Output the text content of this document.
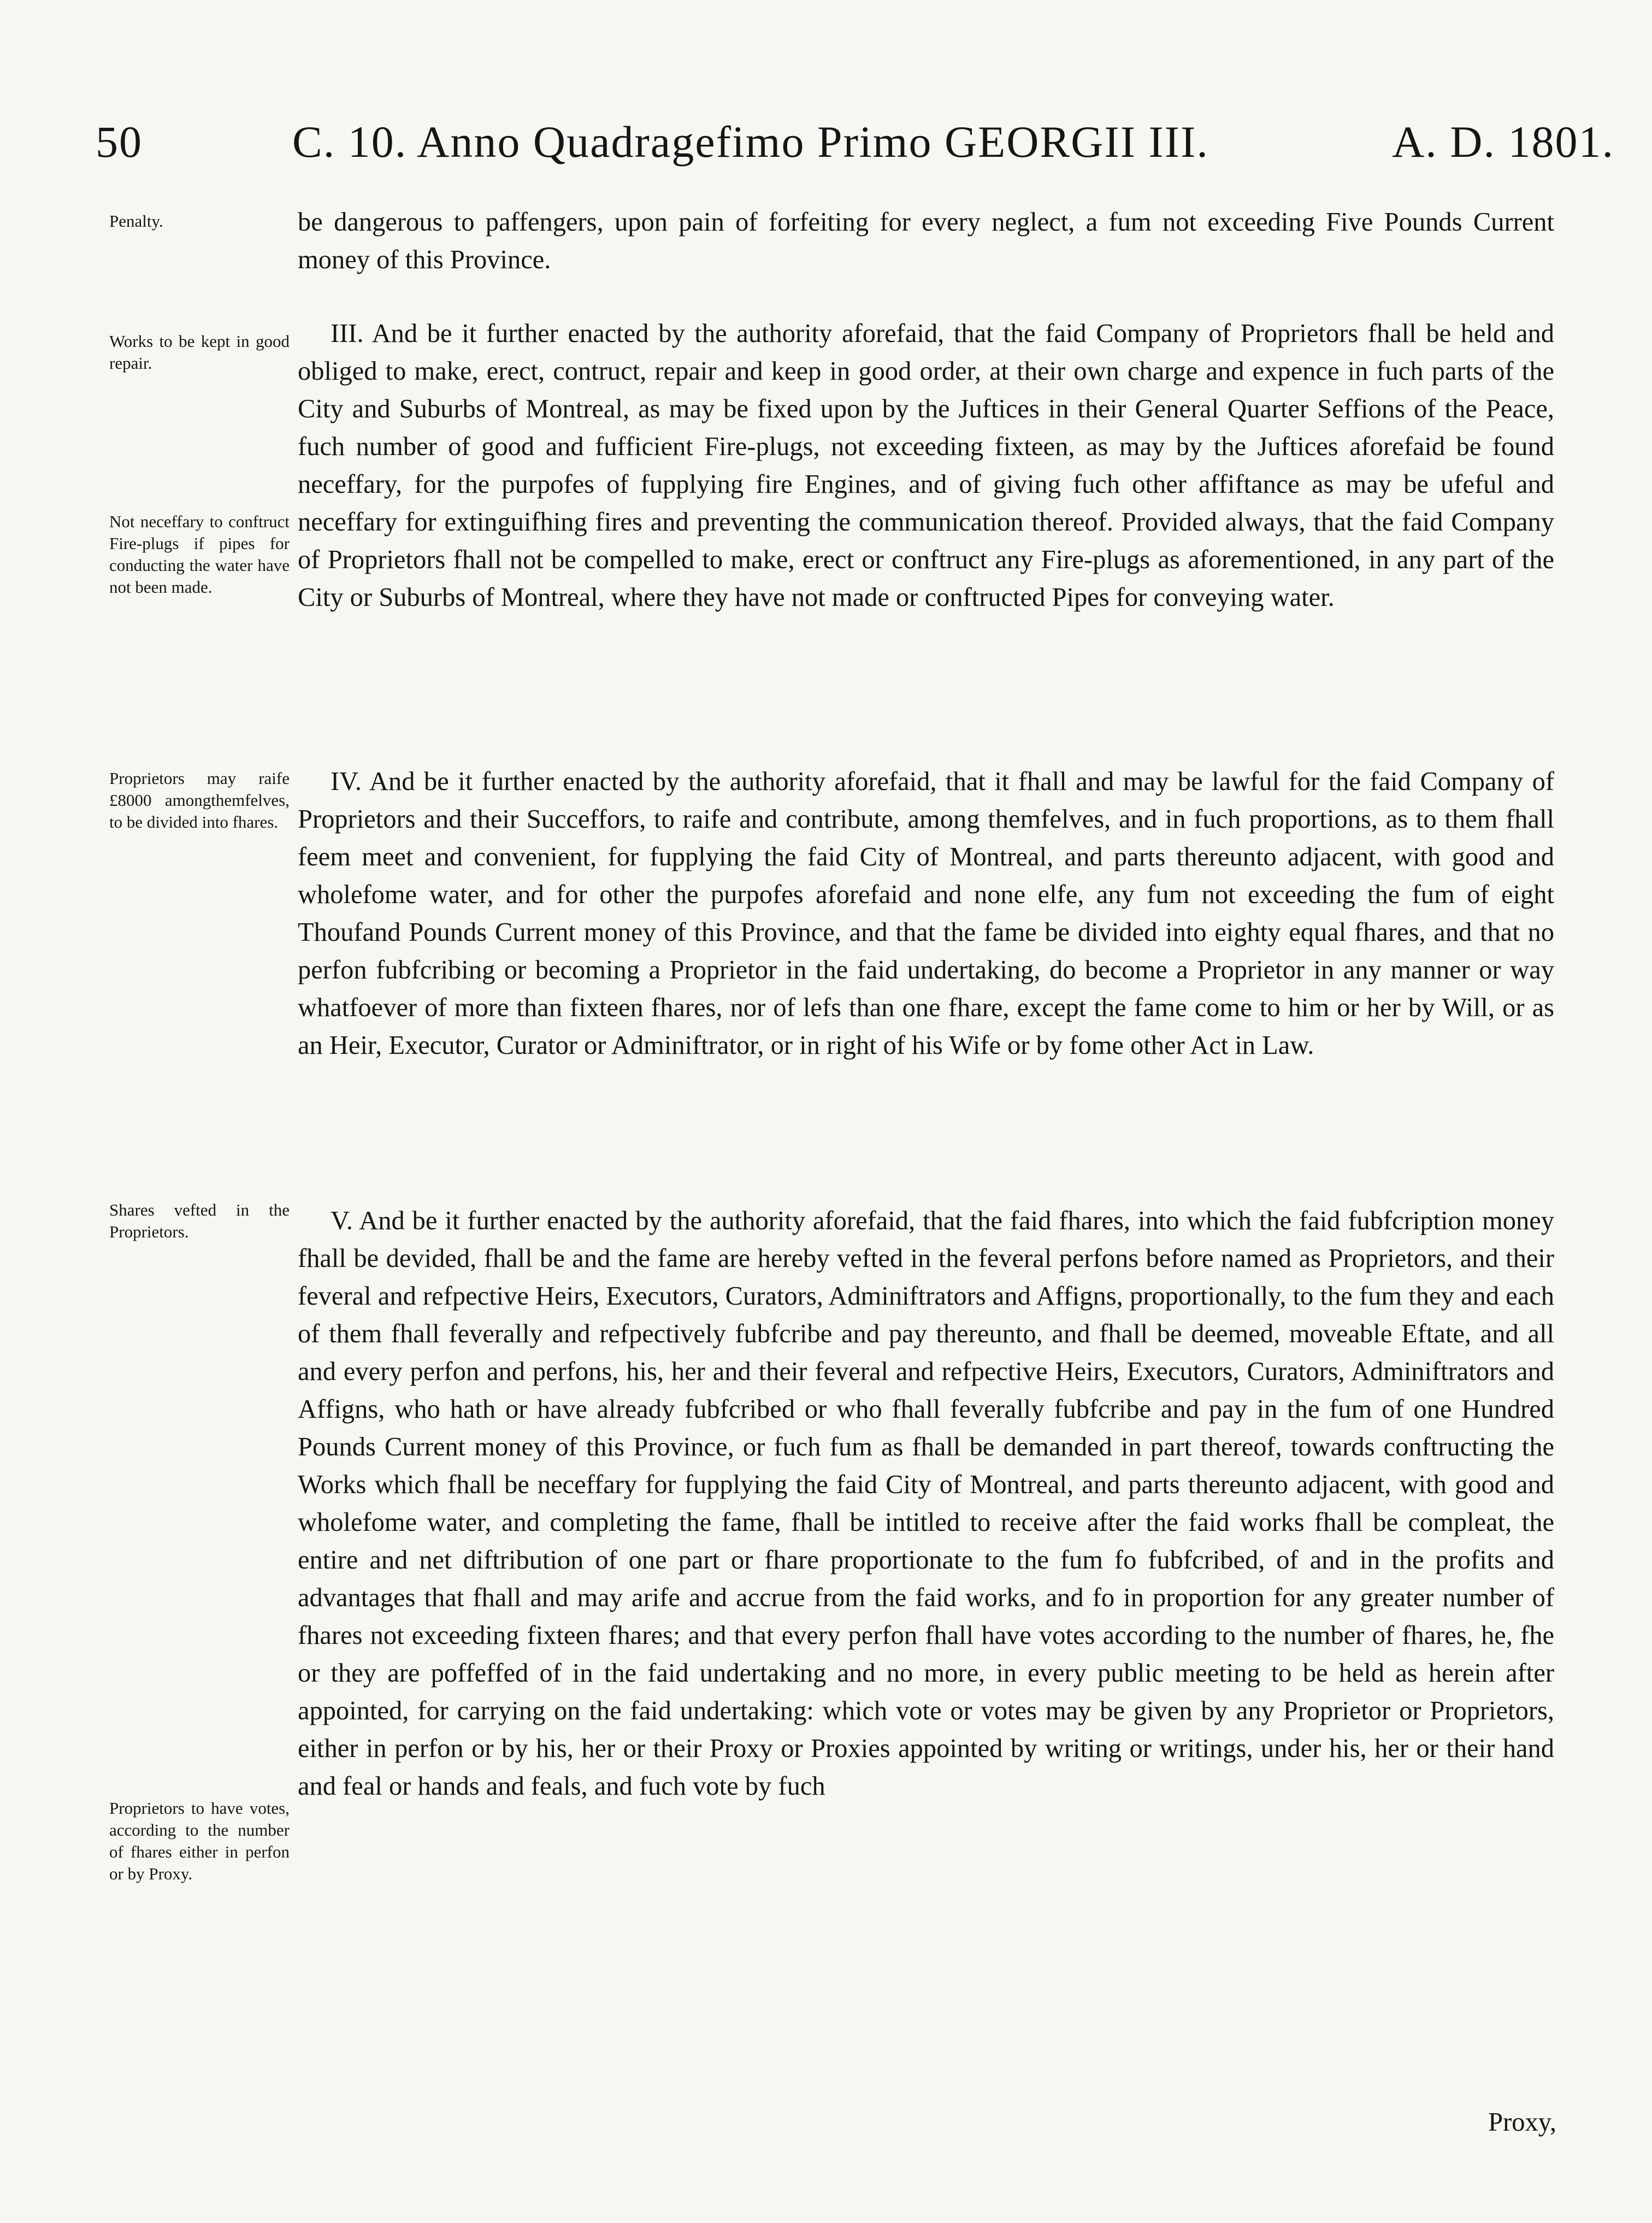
50	C. 10. Anno Quadragefimo Primo GEORGII III.	A. D. 1801.
Penalty.
Works to be kept in good repair.
Not neceffary to conftruct Fire-plugs if pipes for conducting the water have not been made.
Proprietors may raife £8000 amongthemfelves, to be divided into fhares.
Shares vefted in the Proprietors.
Proprietors to have votes, according to the number of fhares either in perfon or by Proxy.
be dangerous to paffengers, upon pain of forfeiting for every neglect, a fum not exceeding Five Pounds Current money of this Province.
III. And be it further enacted by the authority aforefaid, that the faid Company of Proprietors fhall be held and obliged to make, erect, contruct, repair and keep in good order, at their own charge and expence in fuch parts of the City and Suburbs of Montreal, as may be fixed upon by the Juftices in their General Quarter Seffions of the Peace, fuch number of good and fufficient Fire-plugs, not exceeding fixteen, as may by the Juftices aforefaid be found neceffary, for the purpofes of fupplying fire Engines, and of giving fuch other affiftance as may be ufeful and neceffary for extinguifhing fires and preventing the communication thereof. Provided always, that the faid Company of Proprietors fhall not be compelled to make, erect or conftruct any Fire-plugs as aforementioned, in any part of the City or Suburbs of Montreal, where they have not made or conftructed Pipes for conveying water.
IV. And be it further enacted by the authority aforefaid, that it fhall and may be lawful for the faid Company of Proprietors and their Succeffors, to raife and contribute, among themfelves, and in fuch proportions, as to them fhall feem meet and convenient, for fupplying the faid City of Montreal, and parts thereunto adjacent, with good and wholefome water, and for other the purpofes aforefaid and none elfe, any fum not exceeding the fum of eight Thoufand Pounds Current money of this Province, and that the fame be divided into eighty equal fhares, and that no perfon fubfcribing or becoming a Proprietor in the faid undertaking, do become a Proprietor in any manner or way whatfoever of more than fixteen fhares, nor of lefs than one fhare, except the fame come to him or her by Will, or as an Heir, Executor, Curator or Adminiftrator, or in right of his Wife or by fome other Act in Law.
V. And be it further enacted by the authority aforefaid, that the faid fhares, into which the faid fubfcription money fhall be devided, fhall be and the fame are hereby vefted in the feveral perfons before named as Proprietors, and their feveral and refpective Heirs, Executors, Curators, Adminiftrators and Affigns, proportionally, to the fum they and each of them fhall feverally and refpectively fubfcribe and pay thereunto, and fhall be deemed, moveable Eftate, and all and every perfon and perfons, his, her and their feveral and refpective Heirs, Executors, Curators, Adminiftrators and Affigns, who hath or have already fubfcribed or who fhall feverally fubfcribe and pay in the fum of one Hundred Pounds Current money of this Province, or fuch fum as fhall be demanded in part thereof, towards conftructing the Works which fhall be neceffary for fupplying the faid City of Montreal, and parts thereunto adjacent, with good and wholefome water, and completing the fame, fhall be intitled to receive after the faid works fhall be compleat, the entire and net diftribution of one part or fhare proportionate to the fum fo fubfcribed, of and in the profits and advantages that fhall and may arife and accrue from the faid works, and fo in proportion for any greater number of fhares not exceeding fixteen fhares; and that every perfon fhall have votes according to the number of fhares, he, fhe or they are poffeffed of in the faid undertaking and no more, in every public meeting to be held as herein after appointed, for carrying on the faid undertaking: which vote or votes may be given by any Proprietor or Proprietors, either in perfon or by his, her or their Proxy or Proxies appointed by writing or writings, under his, her or their hand and feal or hands and feals, and fuch vote by fuch
Proxy,
